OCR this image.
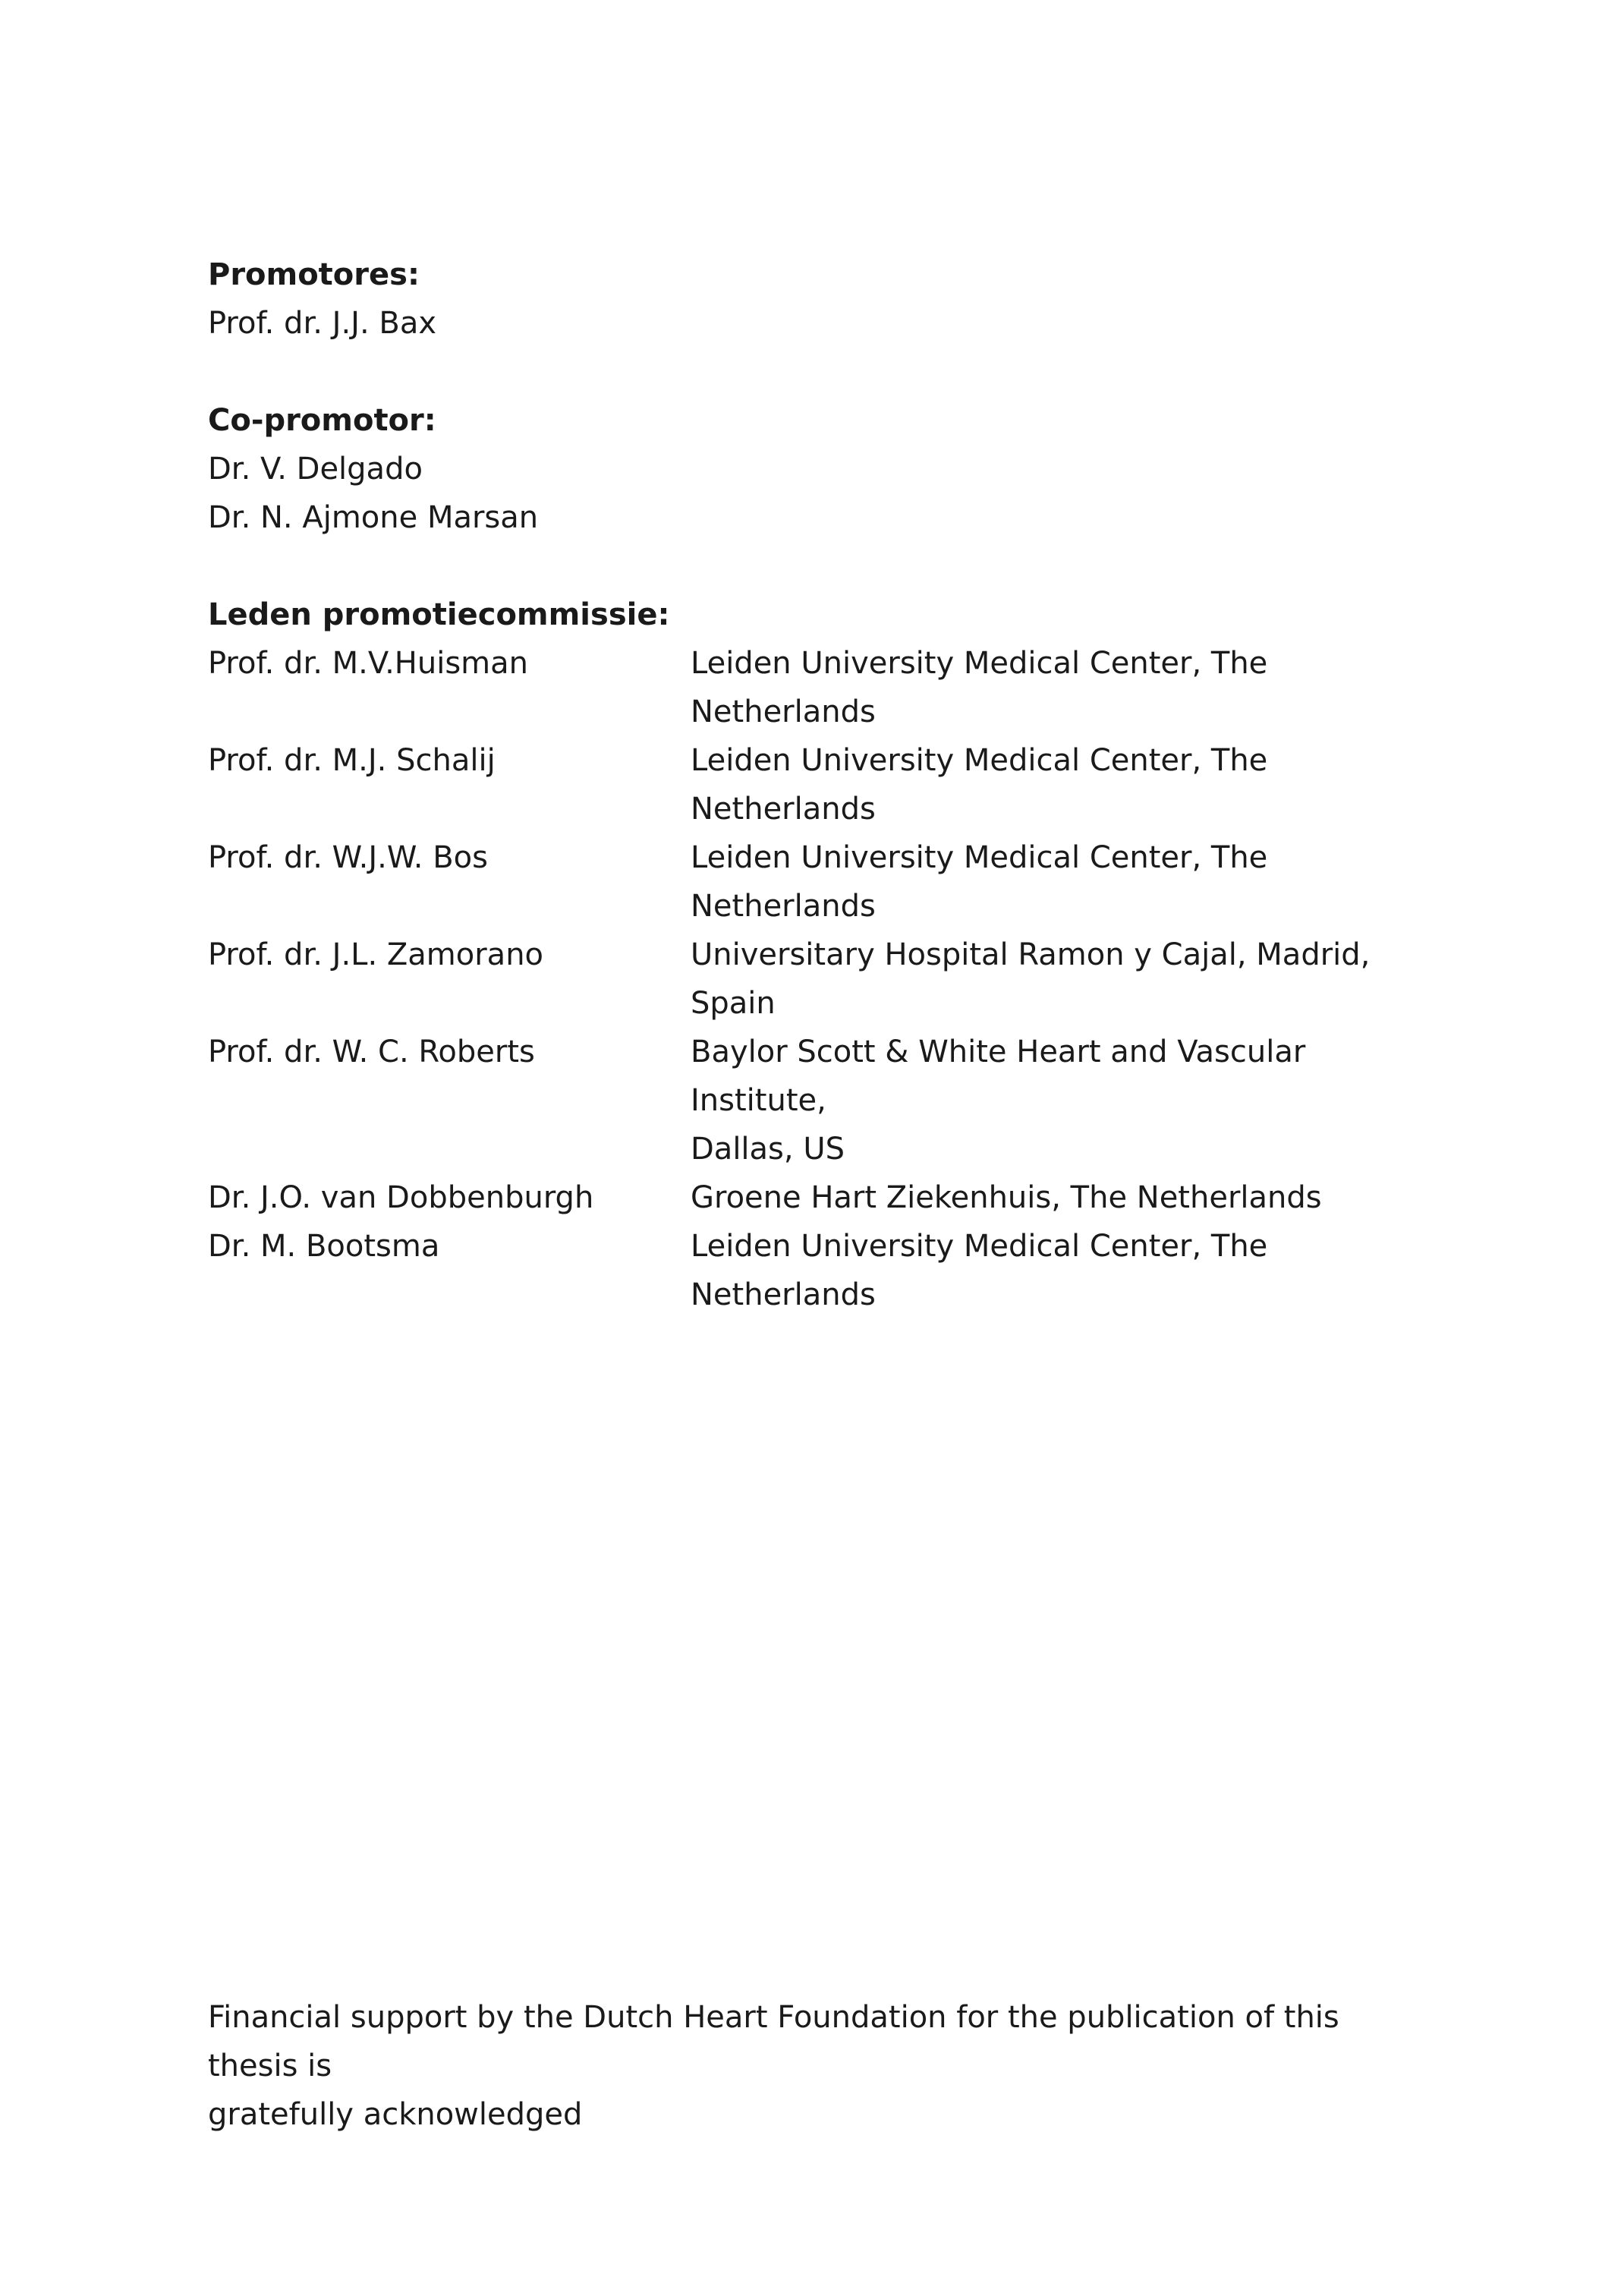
Promotores:

Prof. dr. J.J. Bax

Co-promotor:

Dr. V. Delgado

Dr. N. Ajmone Marsan

Leden promotiecommissie:

Prof. dr. M.V.Huisman	Leiden University Medical Center, The Netherlands

Prof. dr. M.J. Schalij	Leiden University Medical Center, The Netherlands

Prof. dr. W.J.W. Bos	Leiden University Medical Center, The Netherlands

Prof. dr. J.L. Zamorano	Universitary Hospital Ramon y Cajal, Madrid, Spain

Prof. dr. W. C. Roberts	Baylor Scott & White Heart and Vascular Institute,

Dallas, US

Dr. J.O. van Dobbenburgh	Groene Hart Ziekenhuis, The Netherlands

Dr. M. Bootsma	Leiden University Medical Center, The Netherlands

Financial support by the Dutch Heart Foundation for the publication of this thesis is

gratefully acknowledged
